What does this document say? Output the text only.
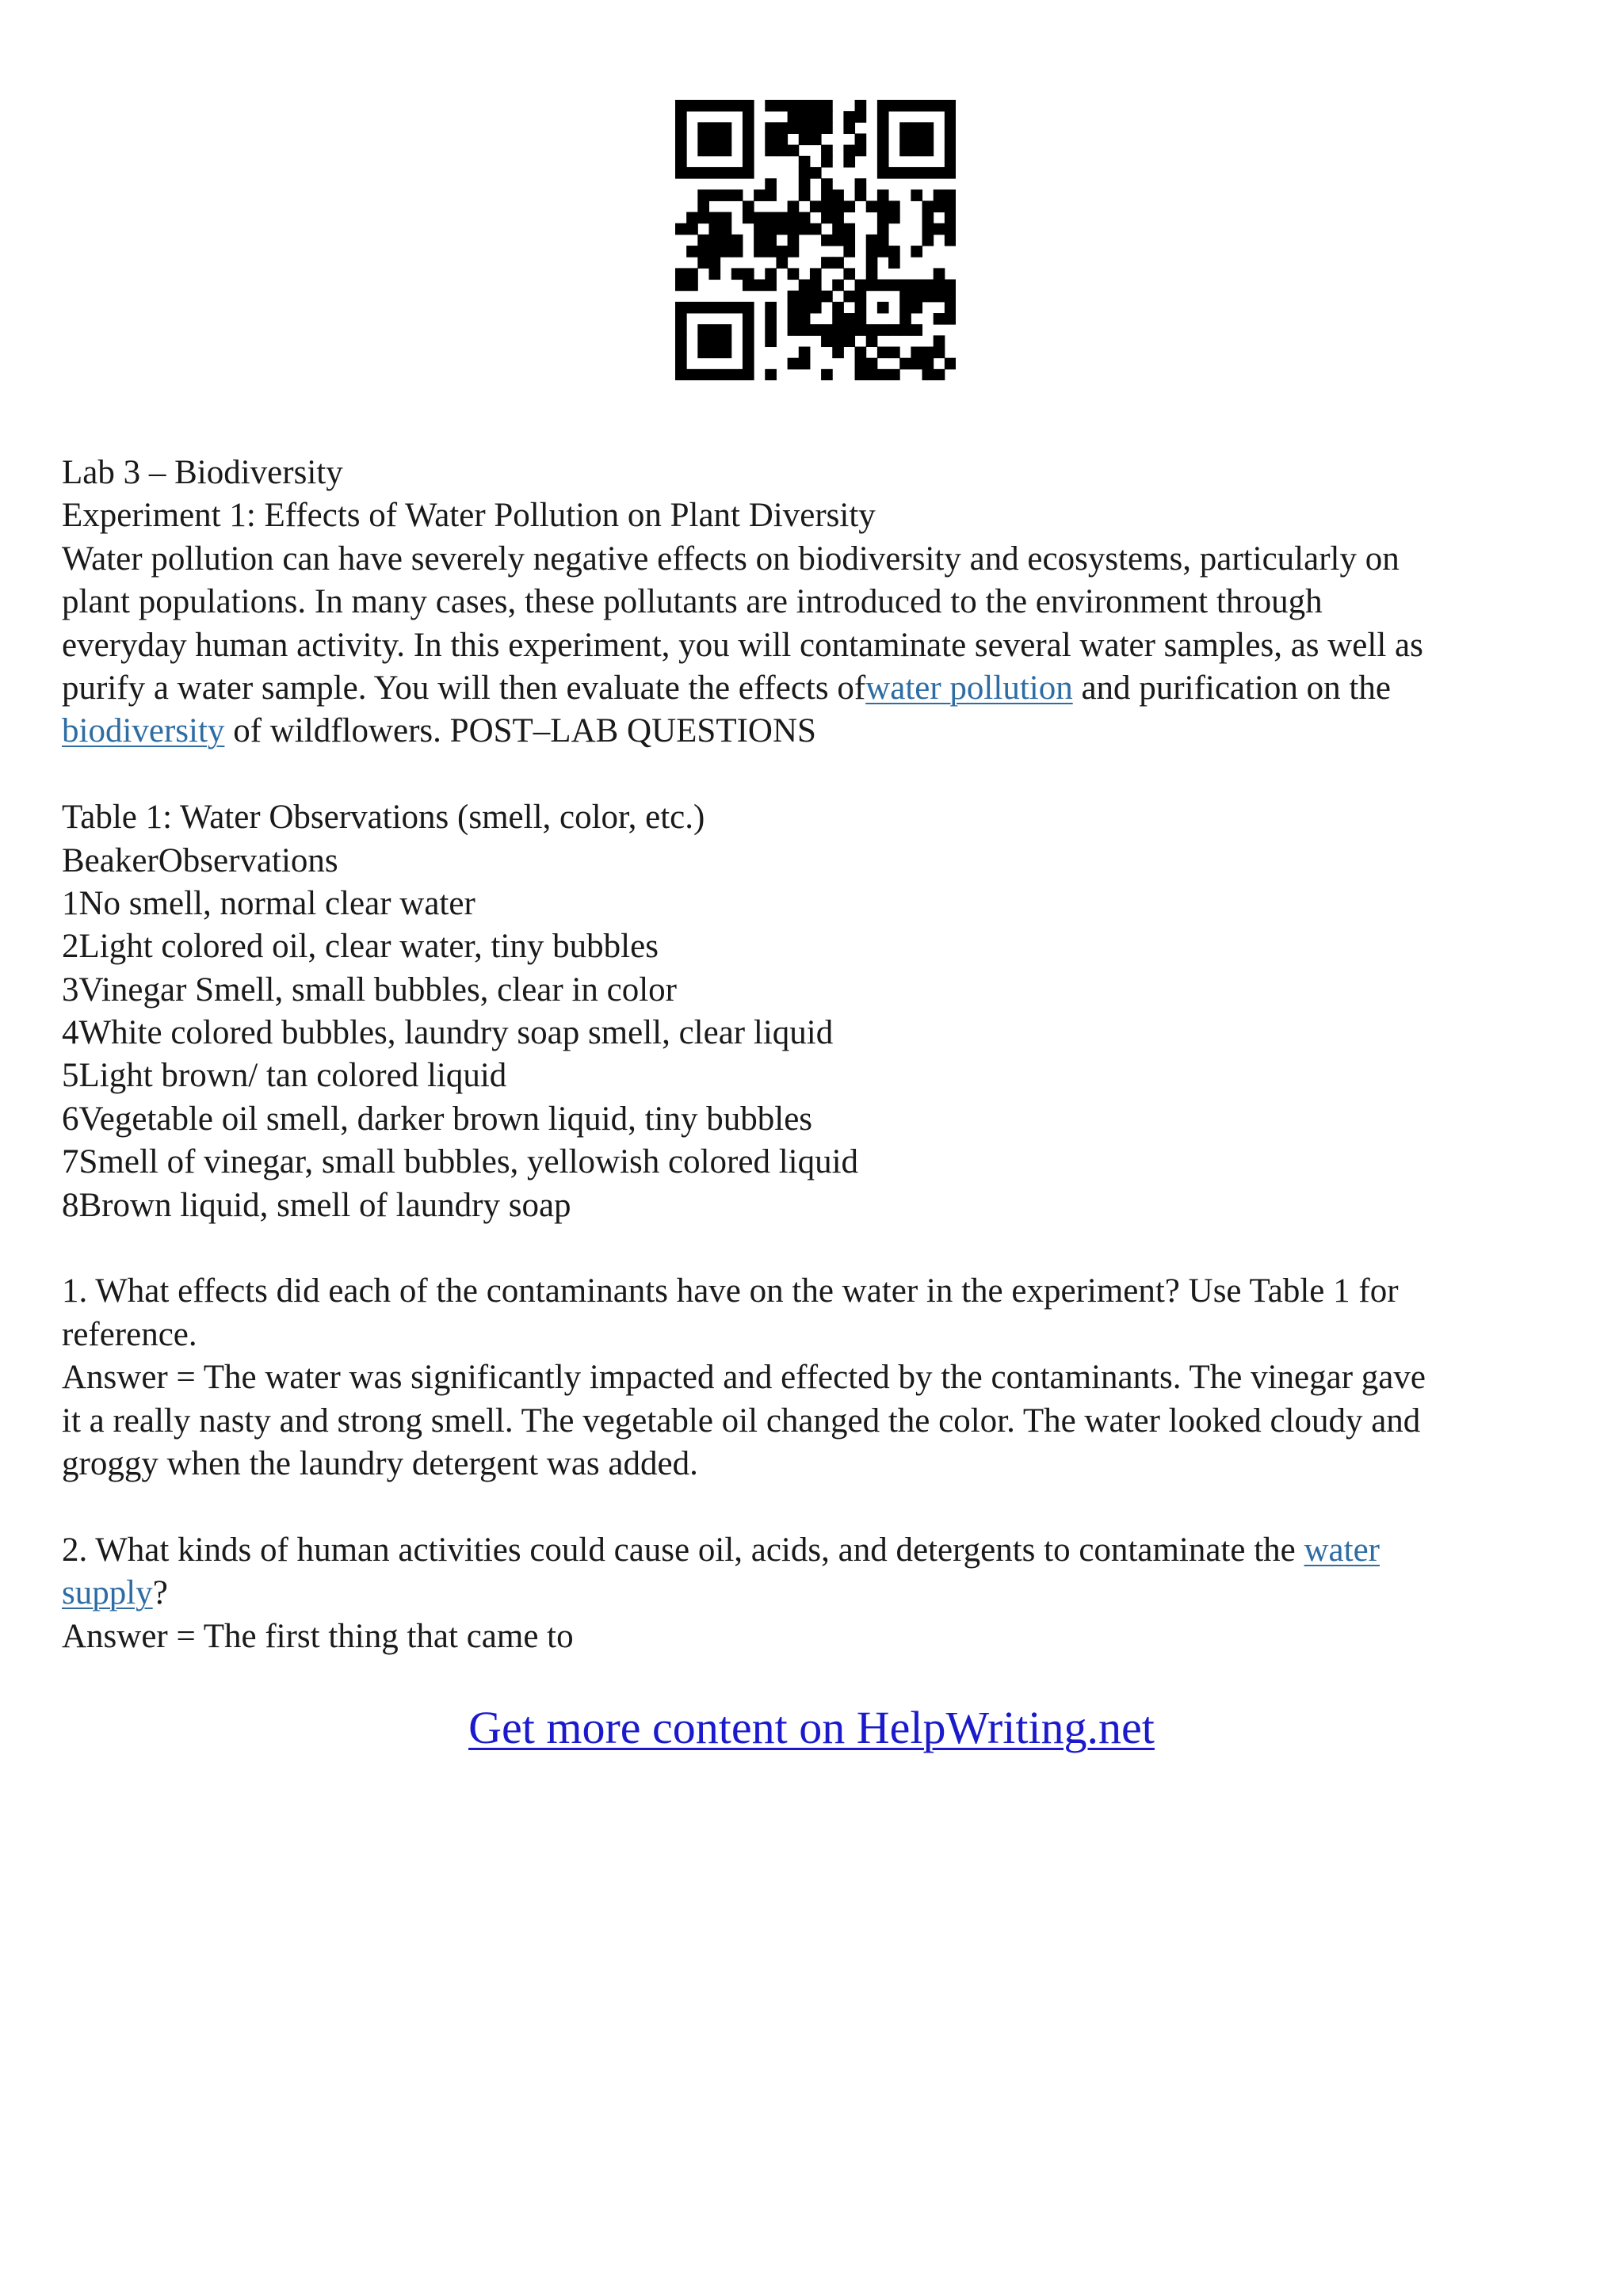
Lab 3 – Biodiversity
Experiment 1: Effects of Water Pollution on Plant Diversity
Water pollution can have severely negative effects on biodiversity and ecosystems, particularly on
plant populations. In many cases, these pollutants are introduced to the environment through
everyday human activity. In this experiment, you will contaminate several water samples, as well as
purify a water sample. You will then evaluate the effects ofwater pollution and purification on the
biodiversity of wildflowers. POST–LAB QUESTIONS
Table 1: Water Observations (smell, color, etc.)
BeakerObservations
1No smell, normal clear water
2Light colored oil, clear water, tiny bubbles
3Vinegar Smell, small bubbles, clear in color
4White colored bubbles, laundry soap smell, clear liquid
5Light brown/ tan colored liquid
6Vegetable oil smell, darker brown liquid, tiny bubbles
7Smell of vinegar, small bubbles, yellowish colored liquid
8Brown liquid, smell of laundry soap
1. What effects did each of the contaminants have on the water in the experiment? Use Table 1 for
reference.
Answer = The water was significantly impacted and effected by the contaminants. The vinegar gave
it a really nasty and strong smell. The vegetable oil changed the color. The water looked cloudy and
groggy when the laundry detergent was added.
2. What kinds of human activities could cause oil, acids, and detergents to contaminate the water
supply?
Answer = The first thing that came to
Get more content on HelpWriting.net
